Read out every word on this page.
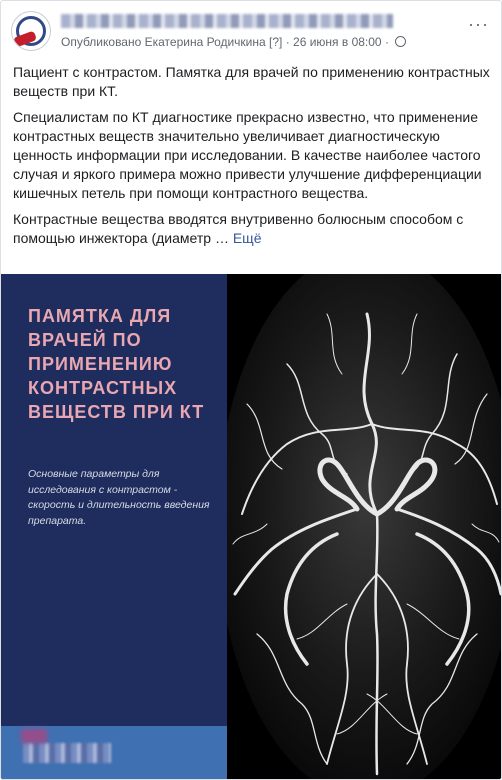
Опубликовано Екатерина Родичкина [?] · 26 июня в 08:00 ·
···

Пациент с контрастом. Памятка для врачей по применению контрастных веществ при КТ.

Специалистам по КТ диагностике прекрасно известно, что применение контрастных веществ значительно увеличивает диагностическую ценность информации при исследовании. В качестве наиболее частого случая и яркого примера можно привести улучшение дифференциации кишечных петель при помощи контрастного вещества.

Контрастные вещества вводятся внутривенно болюсным способом с помощью инжектора (диаметр … Ещё

ПАМЯТКА ДЛЯ ВРАЧЕЙ ПО ПРИМЕНЕНИЮ КОНТРАСТНЫХ ВЕЩЕСТВ ПРИ КТ
Основные параметры для исследования с контрастом - скорость и длительность введения препарата.
